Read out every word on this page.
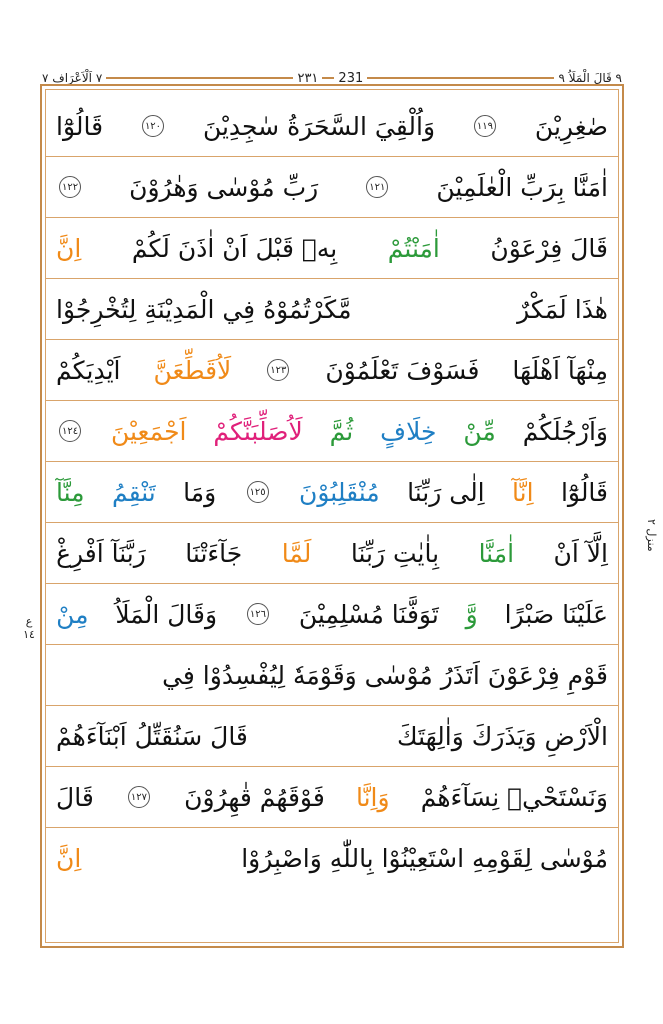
٧ اَلْاَعْرَاف ٧	٢٣١ 231	٩ قَالَ الْمَلَاُ ٩
صٰغِرِيْنَ
١١٩
وَاُلْقِيَ السَّحَرَةُ سٰجِدِيْنَ
١٢٠
قَالُوْٓا
اٰمَنَّا بِرَبِّ الْعٰلَمِيْنَ
١٢١
رَبِّ مُوْسٰى وَهٰرُوْنَ
١٢٢
قَالَ فِرْعَوْنُ
اٰمَنْتُمْ
بِهٖ قَبْلَ اَنْ اٰذَنَ لَكُمْ
اِنَّ
هٰذَا لَمَكْرٌ
مَّكَرْتُمُوْهُ فِي الْمَدِيْنَةِ لِتُخْرِجُوْا
مِنْهَآ اَهْلَهَا
فَسَوْفَ تَعْلَمُوْنَ
١٢٣
لَاُقَطِّعَنَّ
اَيْدِيَكُمْ
وَاَرْجُلَكُمْ
مِّنْ
خِلَافٍ
ثُمَّ
لَاُصَلِّبَنَّكُمْ
اَجْمَعِيْنَ
١٢٤
قَالُوْٓا
اِنَّآ
اِلٰى رَبِّنَا
مُنْقَلِبُوْنَ
١٢٥
وَمَا
تَنْقِمُ
مِنَّآ
اِلَّآ اَنْ
اٰمَنَّا
بِاٰيٰتِ رَبِّنَا
لَمَّا
جَآءَتْنَا
رَبَّنَآ اَفْرِغْ
عَلَيْنَا صَبْرًا
وَّ
تَوَفَّنَا مُسْلِمِيْنَ
١٢٦
وَقَالَ الْمَلَاُ
مِنْ
قَوْمِ فِرْعَوْنَ اَتَذَرُ مُوْسٰى وَقَوْمَهٗ لِيُفْسِدُوْا فِي
الْاَرْضِ وَيَذَرَكَ وَاٰلِهَتَكَ
قَالَ سَنُقَتِّلُ اَبْنَآءَهُمْ
وَنَسْتَحْيٖ نِسَآءَهُمْ
وَاِنَّا
فَوْقَهُمْ قٰهِرُوْنَ
١٢٧
قَالَ
مُوْسٰى لِقَوْمِهِ اسْتَعِيْنُوْا بِاللّٰهِ وَاصْبِرُوْا
اِنَّ
منزل ٢
ع
١٤
